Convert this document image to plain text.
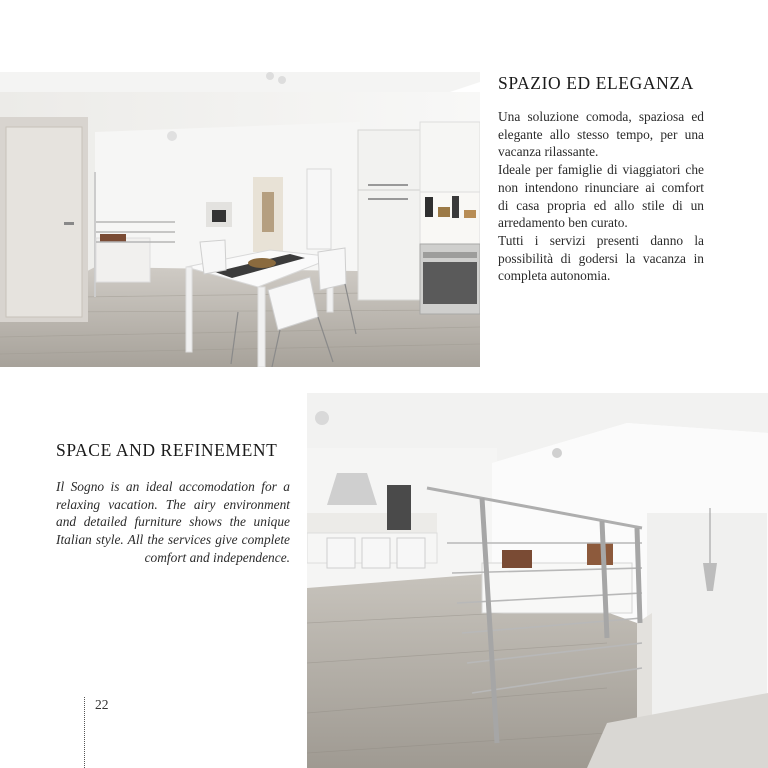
SPAZIO ED ELEGANZA

Una soluzione comoda, spaziosa ed elegante allo stesso tempo, per una vacanza rilassante.

Ideale per famiglie di viaggiatori che non intendono rinunciare ai comfort di casa propria ed allo stile di un arredamento ben curato.

Tutti i servizi presenti danno la possibilità di godersi la vacanza in completa autonomia.

SPACE AND REFINEMENT

Il Sogno is an ideal accomodation for a relaxing vacation. The airy environment and detailed furniture shows the unique Italian style. All the services give complete comfort and independence.

22
